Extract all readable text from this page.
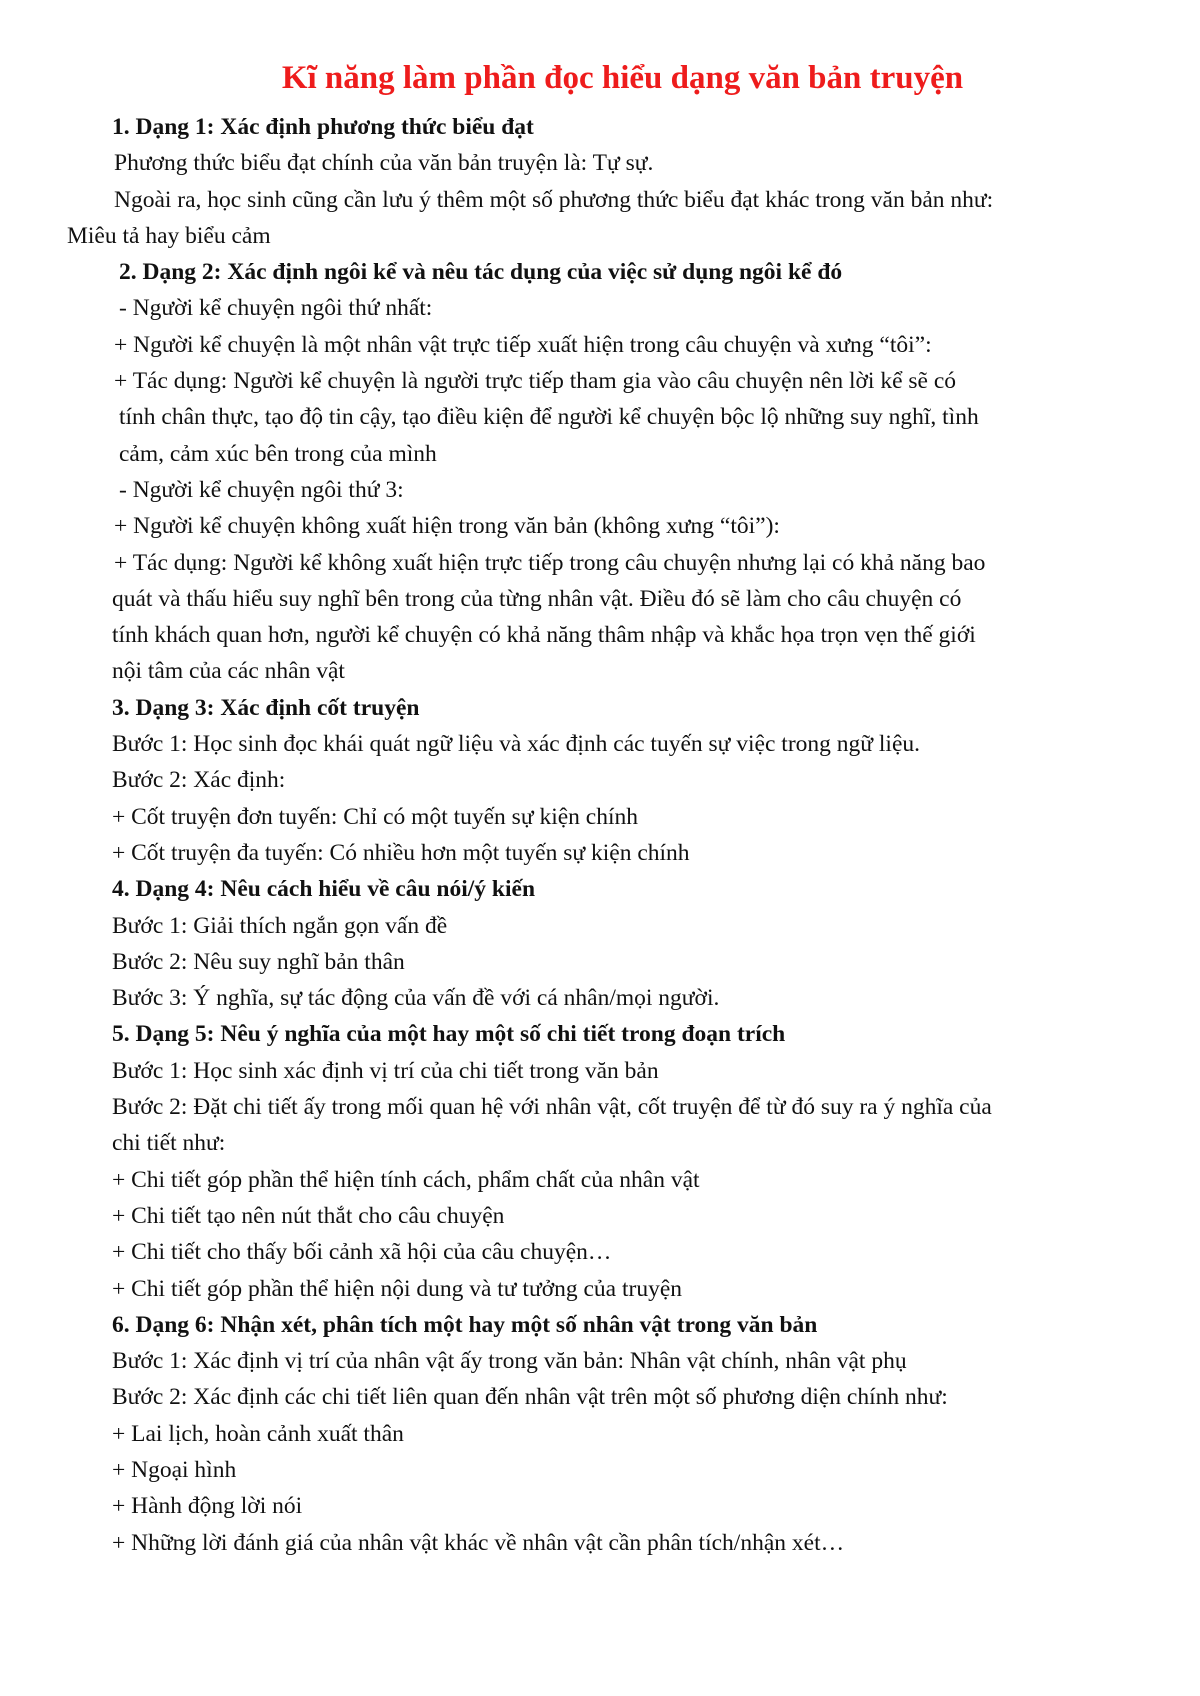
Kĩ năng làm phần đọc hiểu dạng văn bản truyện
1. Dạng 1: Xác định phương thức biểu đạt
Phương thức biểu đạt chính của văn bản truyện là: Tự sự.
Ngoài ra, học sinh cũng cần lưu ý thêm một số phương thức biểu đạt khác trong văn bản như:
Miêu tả hay biểu cảm
2. Dạng 2: Xác định ngôi kể và nêu tác dụng của việc sử dụng ngôi kể đó
- Người kể chuyện ngôi thứ nhất:
+ Người kể chuyện là một nhân vật trực tiếp xuất hiện trong câu chuyện và xưng “tôi”:
+ Tác dụng: Người kể chuyện là người trực tiếp tham gia vào câu chuyện nên lời kể sẽ có
tính chân thực, tạo độ tin cậy, tạo điều kiện để người kể chuyện bộc lộ những suy nghĩ, tình
cảm, cảm xúc bên trong của mình
- Người kể chuyện ngôi thứ 3:
+ Người kể chuyện không xuất hiện trong văn bản (không xưng “tôi”):
+ Tác dụng: Người kể không xuất hiện trực tiếp trong câu chuyện nhưng lại có khả năng bao
quát và thấu hiểu suy nghĩ bên trong của từng nhân vật. Điều đó sẽ làm cho câu chuyện có
tính khách quan hơn, người kể chuyện có khả năng thâm nhập và khắc họa trọn vẹn thế giới
nội tâm của các nhân vật
3. Dạng 3: Xác định cốt truyện
Bước 1: Học sinh đọc khái quát ngữ liệu và xác định các tuyến sự việc trong ngữ liệu.
Bước 2: Xác định:
+ Cốt truyện đơn tuyến: Chỉ có một tuyến sự kiện chính
+ Cốt truyện đa tuyến: Có nhiều hơn một tuyến sự kiện chính
4. Dạng 4: Nêu cách hiểu về câu nói/ý kiến
Bước 1: Giải thích ngắn gọn vấn đề
Bước 2: Nêu suy nghĩ bản thân
Bước 3: Ý nghĩa, sự tác động của vấn đề với cá nhân/mọi người.
5. Dạng 5: Nêu ý nghĩa của một hay một số chi tiết trong đoạn trích
Bước 1: Học sinh xác định vị trí của chi tiết trong văn bản
Bước 2: Đặt chi tiết ấy trong mối quan hệ với nhân vật, cốt truyện để từ đó suy ra ý nghĩa của
chi tiết như:
+ Chi tiết góp phần thể hiện tính cách, phẩm chất của nhân vật
+ Chi tiết tạo nên nút thắt cho câu chuyện
+ Chi tiết cho thấy bối cảnh xã hội của câu chuyện…
+ Chi tiết góp phần thể hiện nội dung và tư tưởng của truyện
6. Dạng 6: Nhận xét, phân tích một hay một số nhân vật trong văn bản
Bước 1: Xác định vị trí của nhân vật ấy trong văn bản: Nhân vật chính, nhân vật phụ
Bước 2: Xác định các chi tiết liên quan đến nhân vật trên một số phương diện chính như:
+ Lai lịch, hoàn cảnh xuất thân
+ Ngoại hình
+ Hành động lời nói
+ Những lời đánh giá của nhân vật khác về nhân vật cần phân tích/nhận xét…
